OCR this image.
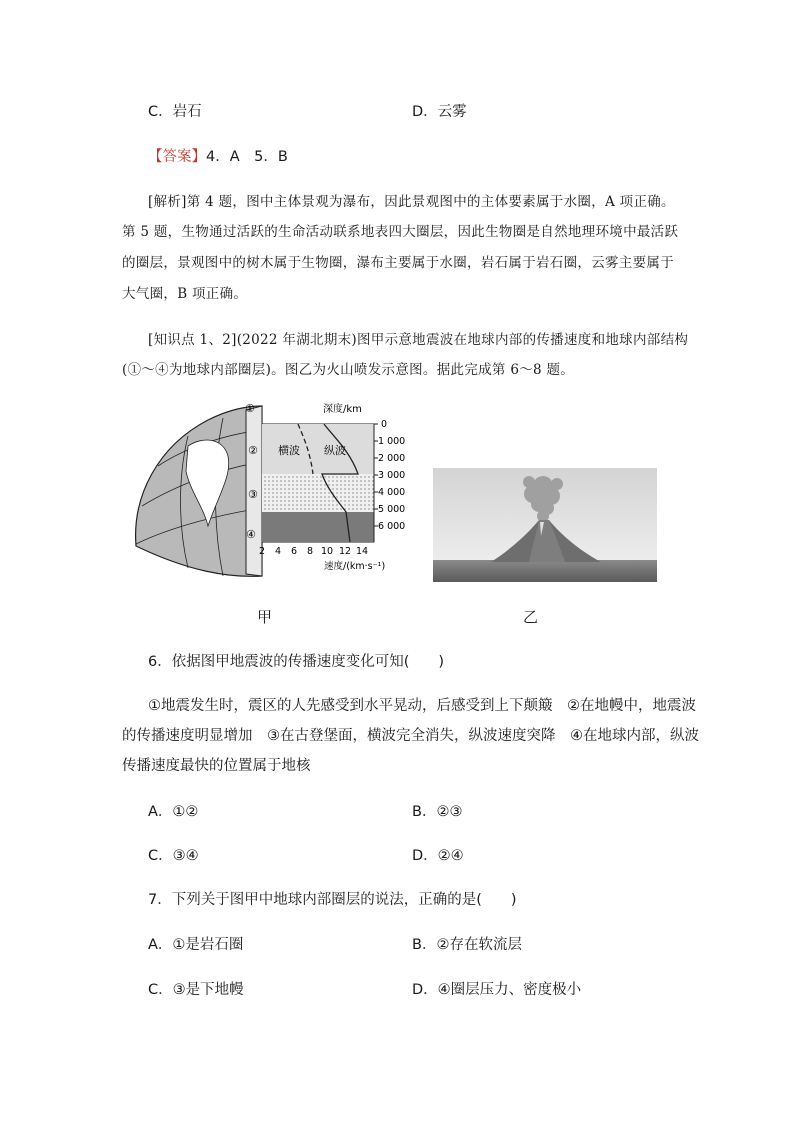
C．岩石	D．云雾
【答案】4．A　5．B
[解析]第 4 题，图中主体景观为瀑布，因此景观图中的主体要素属于水圈，A 项正确。
第 5 题，生物通过活跃的生命活动联系地表四大圈层，因此生物圈是自然地理环境中最活跃
的圈层，景观图中的树木属于生物圈，瀑布主要属于水圈，岩石属于岩石圈，云雾主要属于
大气圈，B 项正确。
[知识点 1、2](2022 年湖北期末)图甲示意地震波在地球内部的传播速度和地球内部结构
(①～④为地球内部圈层)。图乙为火山喷发示意图。据此完成第 6～8 题。
深度/km
0
1 000
2 000
3 000
4 000
5 000
6 000
2 4 6 8 10 12 14
速度/(km·s⁻¹)
横波 纵波
①
②
③
④
甲	乙
6．依据图甲地震波的传播速度变化可知(　　)
①地震发生时，震区的人先感受到水平晃动，后感受到上下颠簸　②在地幔中，地震波
的传播速度明显增加　③在古登堡面，横波完全消失，纵波速度突降　④在地球内部，纵波
传播速度最快的位置属于地核
A．①②	B．②③
C．③④	D．②④
7．下列关于图甲中地球内部圈层的说法，正确的是(　　)
A．①是岩石圈	B．②存在软流层
C．③是下地幔	D．④圈层压力、密度极小
